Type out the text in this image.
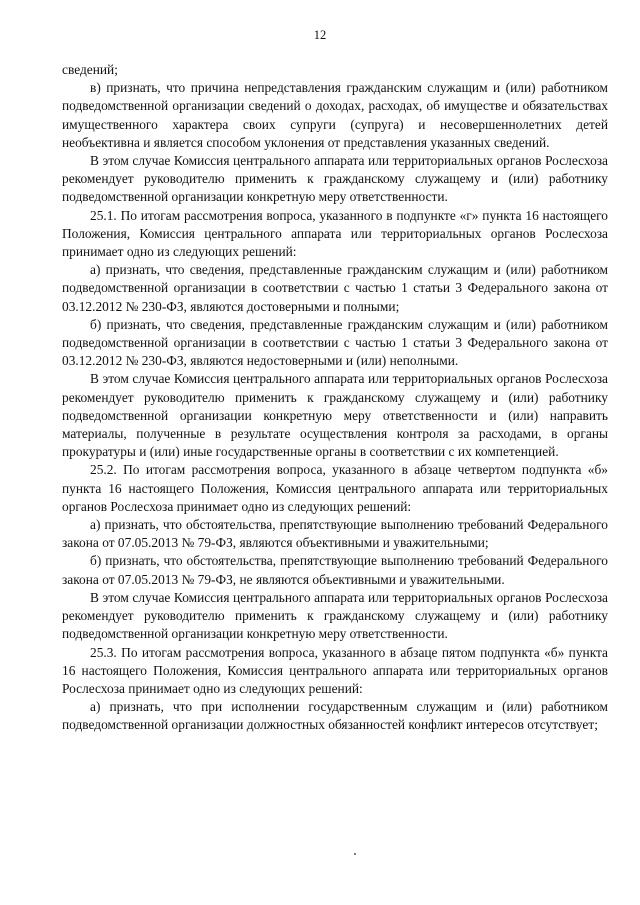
12

сведений;

в) признать, что причина непредставления гражданским служащим и (или) работником подведомственной организации сведений о доходах, расходах, об имуществе и обязательствах имущественного характера своих супруги (супруга) и несовершеннолетних детей необъективна и является способом уклонения от представления указанных сведений.

В этом случае Комиссия центрального аппарата или территориальных органов Рослесхоза рекомендует руководителю применить к гражданскому служащему и (или) работнику подведомственной организации конкретную меру ответственности.

25.1. По итогам рассмотрения вопроса, указанного в подпункте «г» пункта 16 настоящего Положения, Комиссия центрального аппарата или территориальных органов Рослесхоза принимает одно из следующих решений:

а) признать, что сведения, представленные гражданским служащим и (или) работником подведомственной организации в соответствии с частью 1 статьи 3 Федерального закона от 03.12.2012 № 230-ФЗ, являются достоверными и полными;

б) признать, что сведения, представленные гражданским служащим и (или) работником подведомственной организации в соответствии с частью 1 статьи 3 Федерального закона от 03.12.2012 № 230-ФЗ, являются недостоверными и (или) неполными.

В этом случае Комиссия центрального аппарата или территориальных органов Рослесхоза рекомендует руководителю применить к гражданскому служащему и (или) работнику подведомственной организации конкретную меру ответственности и (или) направить материалы, полученные в результате осуществления контроля за расходами, в органы прокуратуры и (или) иные государственные органы в соответствии с их компетенцией.

25.2. По итогам рассмотрения вопроса, указанного в абзаце четвертом подпункта «б» пункта 16 настоящего Положения, Комиссия центрального аппарата или территориальных органов Рослесхоза принимает одно из следующих решений:

а) признать, что обстоятельства, препятствующие выполнению требований Федерального закона от 07.05.2013 № 79-ФЗ, являются объективными и уважительными;

б) признать, что обстоятельства, препятствующие выполнению требований Федерального закона от 07.05.2013 № 79-ФЗ, не являются объективными и уважительными.

В этом случае Комиссия центрального аппарата или территориальных органов Рослесхоза рекомендует руководителю применить к гражданскому служащему и (или) работнику подведомственной организации конкретную меру ответственности.

25.3. По итогам рассмотрения вопроса, указанного в абзаце пятом подпункта «б» пункта 16 настоящего Положения, Комиссия центрального аппарата или территориальных органов Рослесхоза принимает одно из следующих решений:

а) признать, что при исполнении государственным служащим и (или) работником подведомственной организации должностных обязанностей конфликт интересов отсутствует;
